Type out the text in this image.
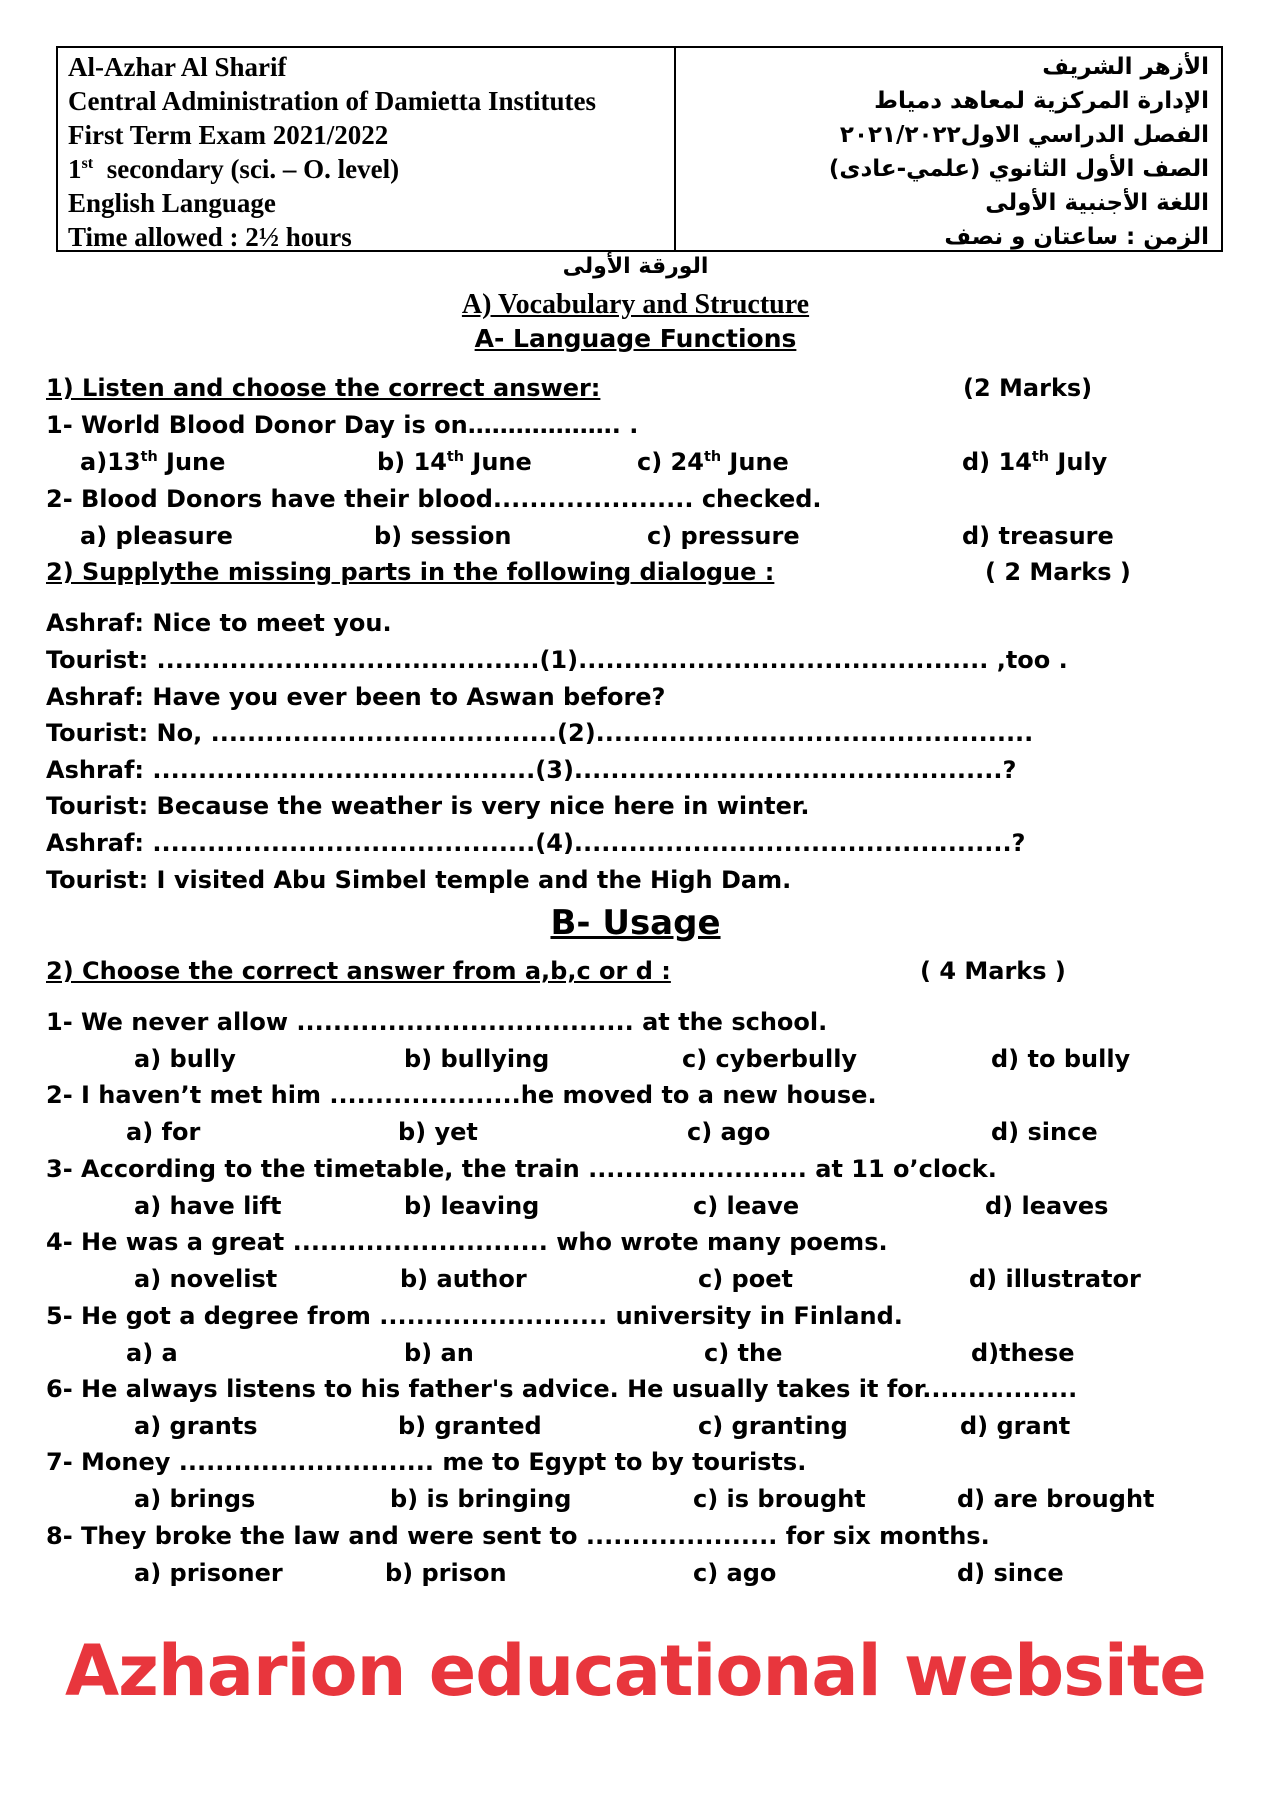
Al-Azhar Al Sharif
Central Administration of Damietta Institutes
First Term Exam 2021/2022
1st secondary (sci. – O. level)
English Language
Time allowed : 2½ hours
الأزهر الشريف
الإدارة المركزية لمعاهد دمياط
الفصل الدراسي الاول٢٠٢١/٢٠٢٢
الصف الأول الثانوي (علمي-عادى)
اللغة الأجنبية الأولى
الزمن : ساعتان و نصف
الورقة الأولى
A) Vocabulary and Structure
A- Language Functions
1) Listen and choose the correct answer:	(2 Marks)
1- World Blood Donor Day is on………………. .
a)13th June	b) 14th June	c) 24th June	d) 14th July
2- Blood Donors have their blood...................... checked.
a) pleasure	b) session	c) pressure	d) treasure
2) Supplythe missing parts in the following dialogue :	( 2 Marks )
Ashraf: Nice to meet you.
Tourist: ..........................................(1)............................................. ,too .
Ashraf: Have you ever been to Aswan before?
Tourist: No, ......................................(2)................................................
Ashraf: ..........................................(3)...............................................?
Tourist: Because the weather is very nice here in winter.
Ashraf: ..........................................(4)................................................?
Tourist: I visited Abu Simbel temple and the High Dam.
B- Usage
2) Choose the correct answer from a,b,c or d :	( 4 Marks )
1- We never allow ..................................... at the school.
a) bully	b) bullying	c) cyberbully	d) to bully
2- I haven’t met him .....................he moved to a new house.
a) for	b) yet	c) ago	d) since
3- According to the timetable, the train ........................ at 11 o’clock.
a) have lift	b) leaving	c) leave	d) leaves
4- He was a great ............................ who wrote many poems.
a) novelist	b) author	c) poet	d) illustrator
5- He got a degree from ......................... university in Finland.
a) a	b) an	c) the	d)these
6- He always listens to his father's advice. He usually takes it for.................
a) grants	b) granted	c) granting	d) grant
7- Money ............................ me to Egypt to by tourists.
a) brings	b) is bringing	c) is brought	d) are brought
8- They broke the law and were sent to ..................... for six months.
a) prisoner	b) prison	c) ago	d) since
Azharion educational website
